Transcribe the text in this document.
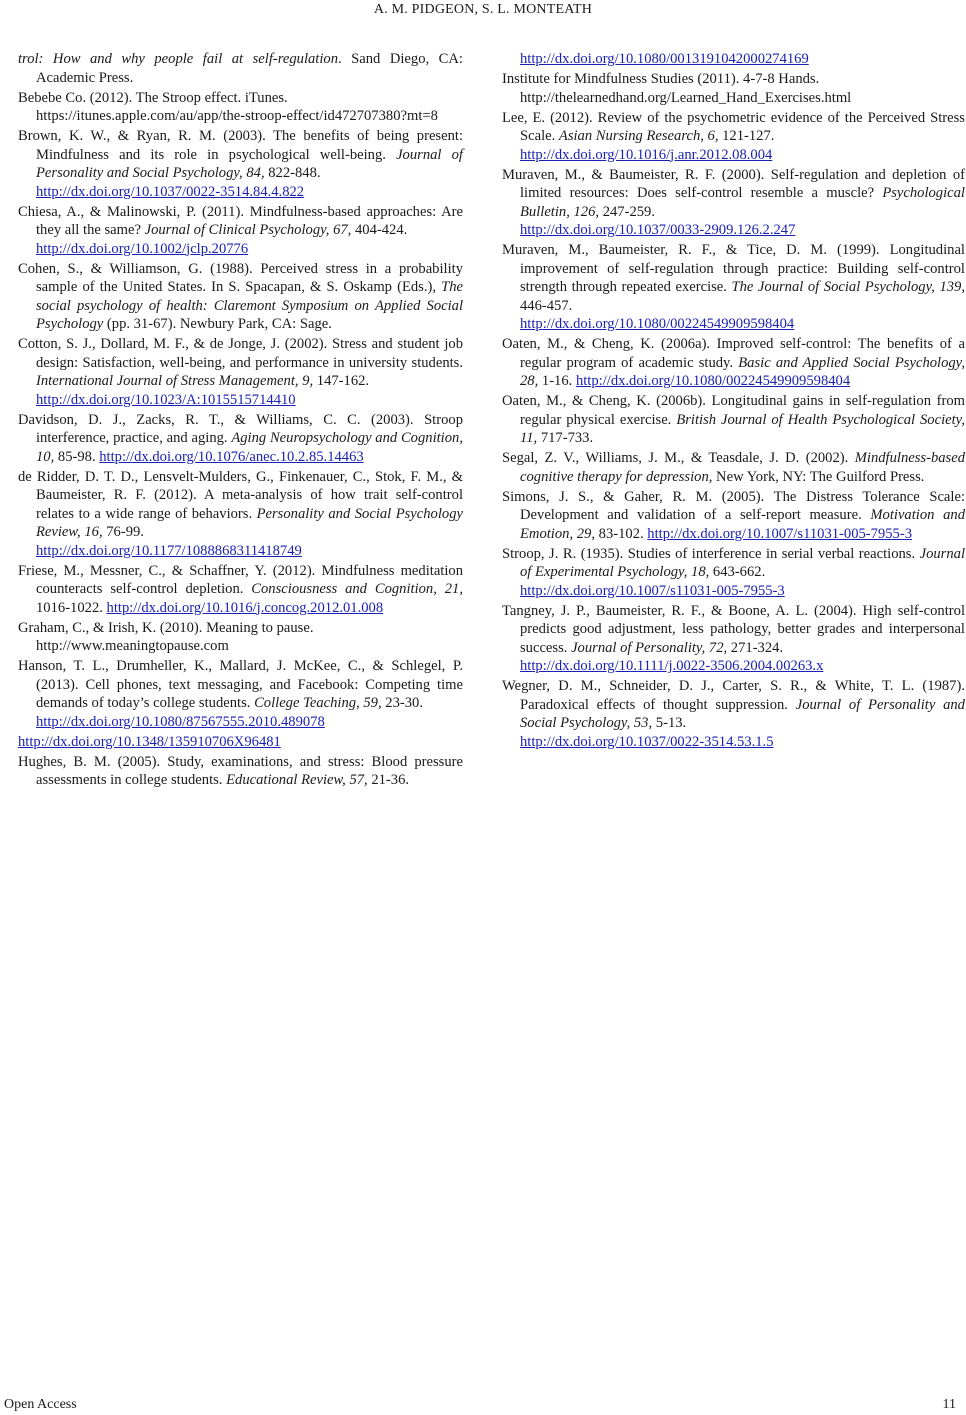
A. M. PIDGEON, S. L. MONTEATH

trol: How and why people fail at self-regulation. Sand Diego, CA: Academic Press.

Bebebe Co. (2012). The Stroop effect. iTunes.
https://itunes.apple.com/au/app/the-stroop-effect/id472707380?mt=8

Brown, K. W., & Ryan, R. M. (2003). The benefits of being present: Mindfulness and its role in psychological well-being. Journal of Personality and Social Psychology, 84, 822-848.
http://dx.doi.org/10.1037/0022-3514.84.4.822

Chiesa, A., & Malinowski, P. (2011). Mindfulness-based approaches: Are they all the same? Journal of Clinical Psychology, 67, 404-424.
http://dx.doi.org/10.1002/jclp.20776

Cohen, S., & Williamson, G. (1988). Perceived stress in a probability sample of the United States. In S. Spacapan, & S. Oskamp (Eds.), The social psychology of health: Claremont Symposium on Applied Social Psychology (pp. 31-67). Newbury Park, CA: Sage.

Cotton, S. J., Dollard, M. F., & de Jonge, J. (2002). Stress and student job design: Satisfaction, well-being, and performance in university students. International Journal of Stress Management, 9, 147-162.
http://dx.doi.org/10.1023/A:1015515714410

Davidson, D. J., Zacks, R. T., & Williams, C. C. (2003). Stroop interference, practice, and aging. Aging Neuropsychology and Cognition, 10, 85-98. http://dx.doi.org/10.1076/anec.10.2.85.14463

de Ridder, D. T. D., Lensvelt-Mulders, G., Finkenauer, C., Stok, F. M., & Baumeister, R. F. (2012). A meta-analysis of how trait self-control relates to a wide range of behaviors. Personality and Social Psychology Review, 16, 76-99.
http://dx.doi.org/10.1177/1088868311418749

Friese, M., Messner, C., & Schaffner, Y. (2012). Mindfulness meditation counteracts self-control depletion. Consciousness and Cognition, 21, 1016-1022. http://dx.doi.org/10.1016/j.concog.2012.01.008

Graham, C., & Irish, K. (2010). Meaning to pause.
http://www.meaningtopause.com

Hanson, T. L., Drumheller, K., Mallard, J. McKee, C., & Schlegel, P. (2013). Cell phones, text messaging, and Facebook: Competing time demands of today’s college students. College Teaching, 59, 23-30.
http://dx.doi.org/10.1080/87567555.2010.489078

http://dx.doi.org/10.1348/135910706X96481

Hughes, B. M. (2005). Study, examinations, and stress: Blood pressure assessments in college students. Educational Review, 57, 21-36.

http://dx.doi.org/10.1080/0013191042000274169

Institute for Mindfulness Studies (2011). 4-7-8 Hands.
http://thelearnedhand.org/Learned_Hand_Exercises.html

Lee, E. (2012). Review of the psychometric evidence of the Perceived Stress Scale. Asian Nursing Research, 6, 121-127.
http://dx.doi.org/10.1016/j.anr.2012.08.004

Muraven, M., & Baumeister, R. F. (2000). Self-regulation and depletion of limited resources: Does self-control resemble a muscle? Psychological Bulletin, 126, 247-259.
http://dx.doi.org/10.1037/0033-2909.126.2.247

Muraven, M., Baumeister, R. F., & Tice, D. M. (1999). Longitudinal improvement of self-regulation through practice: Building self-control strength through repeated exercise. The Journal of Social Psychology, 139, 446-457.
http://dx.doi.org/10.1080/00224549909598404

Oaten, M., & Cheng, K. (2006a). Improved self-control: The benefits of a regular program of academic study. Basic and Applied Social Psychology, 28, 1-16. http://dx.doi.org/10.1080/00224549909598404

Oaten, M., & Cheng, K. (2006b). Longitudinal gains in self-regulation from regular physical exercise. British Journal of Health Psychological Society, 11, 717-733.

Segal, Z. V., Williams, J. M., & Teasdale, J. D. (2002). Mindfulness-based cognitive therapy for depression, New York, NY: The Guilford Press.

Simons, J. S., & Gaher, R. M. (2005). The Distress Tolerance Scale: Development and validation of a self-report measure. Motivation and Emotion, 29, 83-102. http://dx.doi.org/10.1007/s11031-005-7955-3

Stroop, J. R. (1935). Studies of interference in serial verbal reactions. Journal of Experimental Psychology, 18, 643-662.
http://dx.doi.org/10.1007/s11031-005-7955-3

Tangney, J. P., Baumeister, R. F., & Boone, A. L. (2004). High self-control predicts good adjustment, less pathology, better grades and interpersonal success. Journal of Personality, 72, 271-324.
http://dx.doi.org/10.1111/j.0022-3506.2004.00263.x

Wegner, D. M., Schneider, D. J., Carter, S. R., & White, T. L. (1987). Paradoxical effects of thought suppression. Journal of Personality and Social Psychology, 53, 5-13.
http://dx.doi.org/10.1037/0022-3514.53.1.5

Open Access	11
